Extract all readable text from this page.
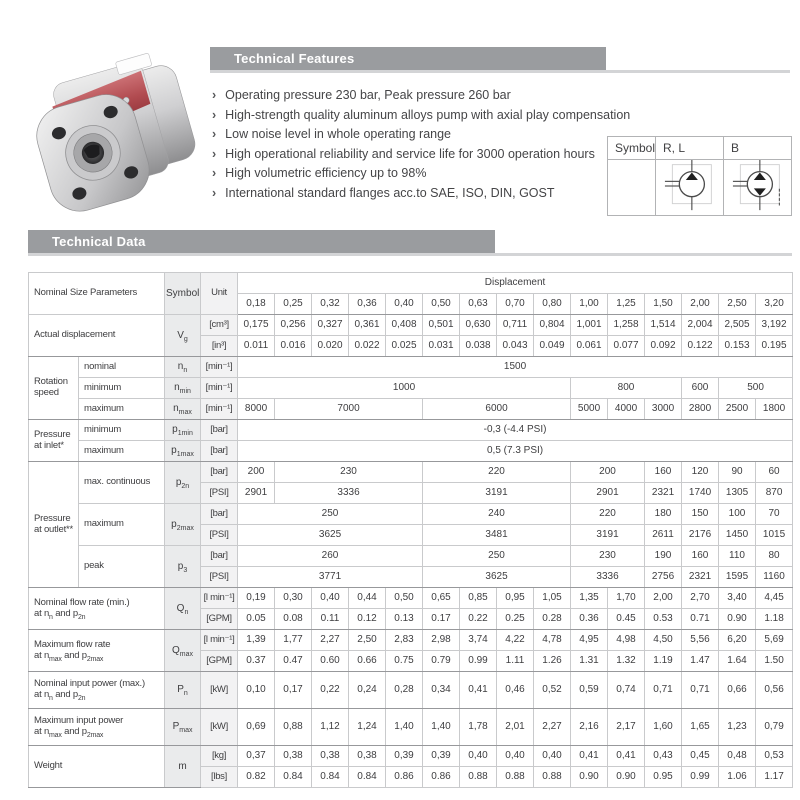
Technical Features
› Operating pressure 230 bar, Peak pressure 260 bar
› High-strength quality aluminum alloys pump with axial play compensation
› Low noise level in whole operating range
› High operational reliability and service life for 3000 operation hours
› High volumetric efficiency up to 98%
› International standard flanges acc.to SAE, ISO, DIN, GOST
Symbol	R, L	B

Technical Data
Nominal Size Parameters		Symbol	Unit	Displacement														
				0,18	0,25	0,32	0,36	0,40	0,50	0,63	0,70	0,80	1,00	1,25	1,50	2,00	2,50	3,20
Actual displacement		$V_g$	[cm³]	0,175	0,256	0,327	0,361	0,408	0,501	0,630	0,711	0,804	1,001	1,258	1,514	2,004	2,505	3,192
			[in³]	0.011	0.016	0.020	0.022	0.025	0.031	0.038	0.043	0.049	0.061	0.077	0.092	0.122	0.153	0.195
Rotation
speed	nominal	$n_n$	[min⁻¹]	1500														
	minimum	$n_{min}$	[min⁻¹]	1000									800			600	500	
	maximum	$n_{max}$	[min⁻¹]	8000	7000				6000				5000	4000	3000	2800	2500	1800
Pressure
at inlet*	minimum	$p_{1min}$	[bar]	-0,3 (-4.4 PSI)														
	maximum	$p_{1max}$	[bar]	0,5 (7.3 PSI)														
Pressure
at outlet**	max. continuous	$p_{2n}$	[bar]	200	230				220				200		160	120	90	60
			[PSI]	2901	3336				3191				2901		2321	1740	1305	870
	maximum	$p_{2max}$	[bar]	250					240				220		180	150	100	70
			[PSI]	3625					3481				3191		2611	2176	1450	1015
	peak	$p_3$	[bar]	260					250				230		190	160	110	80
			[PSI]	3771					3625				3336		2756	2321	1595	1160
Nominal flow rate (min.)
at $n_n$ and $p_{2n}$		$Q_n$	[l min⁻¹]	0,19	0,30	0,40	0,44	0,50	0,65	0,85	0,95	1,05	1,35	1,70	2,00	2,70	3,40	4,45
			[GPM]	0.05	0.08	0.11	0.12	0.13	0.17	0.22	0.25	0.28	0.36	0.45	0.53	0.71	0.90	1.18
Maximum flow rate
at $n_{max}$ and $p_{2max}$		$Q_{max}$	[l min⁻¹]	1,39	1,77	2,27	2,50	2,83	2,98	3,74	4,22	4,78	4,95	4,98	4,50	5,56	6,20	5,69
			[GPM]	0.37	0.47	0.60	0.66	0.75	0.79	0.99	1.11	1.26	1.31	1.32	1.19	1.47	1.64	1.50
Nominal input power (max.)
at $n_n$ and $p_{2n}$		$P_n$	[kW]	0,10	0,17	0,22	0,24	0,28	0,34	0,41	0,46	0,52	0,59	0,74	0,71	0,71	0,66	0,56
Maximum input power
at $n_{max}$ and $p_{2max}$		$P_{max}$	[kW]	0,69	0,88	1,12	1,24	1,40	1,40	1,78	2,01	2,27	2,16	2,17	1,60	1,65	1,23	0,79
Weight		m	[kg]	0,37	0,38	0,38	0,38	0,39	0,39	0,40	0,40	0,40	0,41	0,41	0,43	0,45	0,48	0,53
			[lbs]	0.82	0.84	0.84	0.84	0.86	0.86	0.88	0.88	0.88	0.90	0.90	0.95	0.99	1.06	1.17
